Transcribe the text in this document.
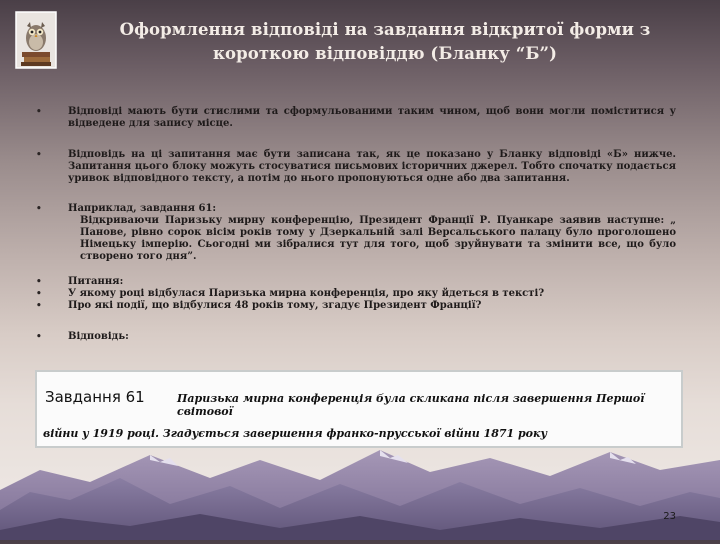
Оформлення відповіді на завдання відкритої форми з короткою відповіддю (Бланку “Б”)
•	Відповіді мають бути стислими та сформульованими таким чином, щоб вони могли поміститися у відведене для запису місце.
•	Відповідь на ці запитання має бути записана так, як це показано у Бланку відповіді «Б» нижче. Запитання цього блоку можуть стосуватися письмових історичних джерел. Тобто спочатку подається уривок відповідного тексту, а потім до нього пропонуються одне або два запитання.
•	Наприклад, завдання 61:
Відкриваючи Паризьку мирну конференцію, Президент Франції Р. Пуанкаре заявив наступне: „ Панове, рівно сорок вісім років тому у Дзеркальній залі Версальського палацу було проголошено Німецьку імперію. Сьогодні ми зібралися тут для того, щоб зруйнувати та змінити все, що було створено того дня”.
•	Питання:
•	У якому році відбулася Паризька мирна конференція, про яку йдеться в тексті?
•	Про які події, що відбулися 48 років тому, згадує Президент Франції?
•	Відповідь:
Завдання 61	Паризька мирна конференція була скликана після завершення Першої світової
війни у 1919 році. Згадується завершення франко-прусської війни 1871 року
23
